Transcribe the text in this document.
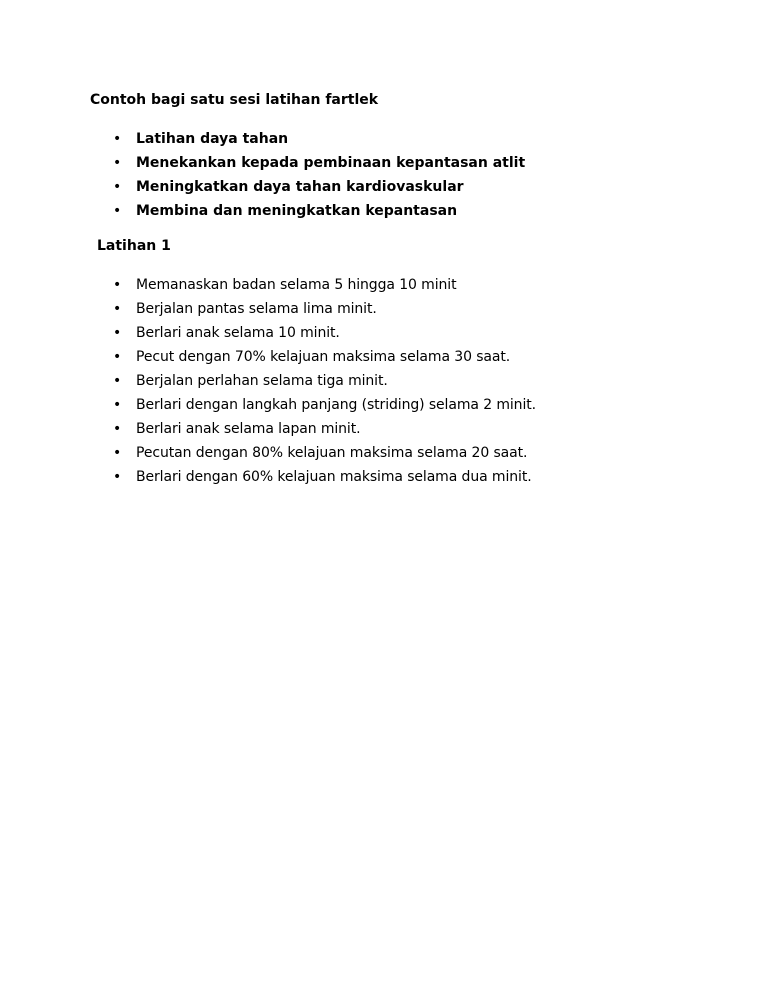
Contoh bagi satu sesi latihan fartlek
• Latihan daya tahan
• Menekankan kepada pembinaan kepantasan atlit
• Meningkatkan daya tahan kardiovaskular
• Membina dan meningkatkan kepantasan
Latihan 1
• Memanaskan badan selama 5 hingga 10 minit
• Berjalan pantas selama lima minit.
• Berlari anak selama 10 minit.
• Pecut dengan 70% kelajuan maksima selama 30 saat.
• Berjalan perlahan selama tiga minit.
• Berlari dengan langkah panjang (striding) selama 2 minit.
• Berlari anak selama lapan minit.
• Pecutan dengan 80% kelajuan maksima selama 20 saat.
• Berlari dengan 60% kelajuan maksima selama dua minit.
